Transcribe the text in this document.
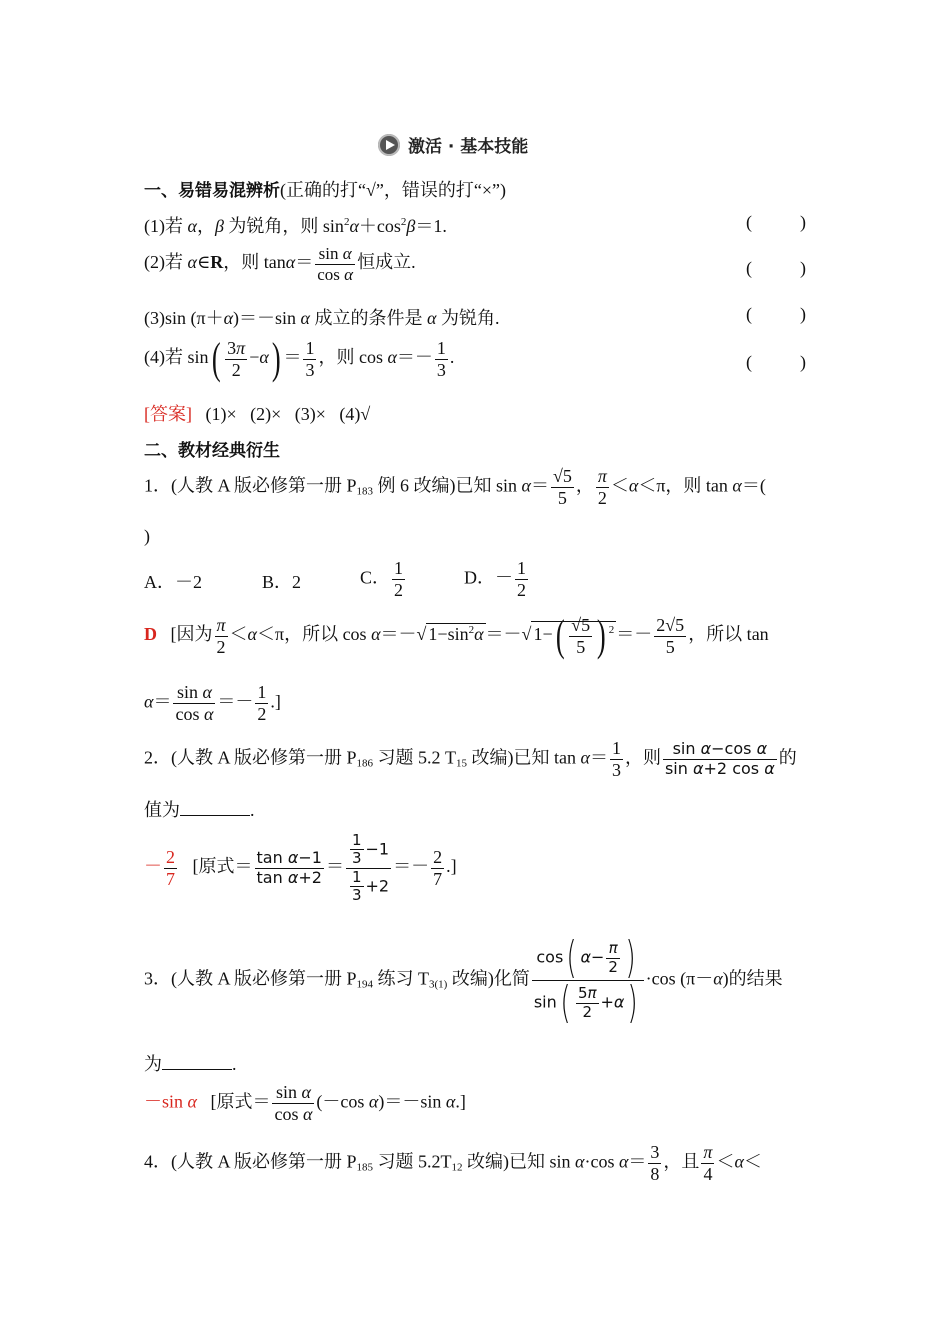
激活 · 基本技能
一、易错易混辨析(正确的打“√”，错误的打“×”)
(1)若 α，β 为锐角，则 $\sin^2\alpha+\cos^2\beta=1$.	(	)
(2)若 α∈R，则 $\tan\alpha= \frac{\text{sin α}}{\text{cos α}}$ 恒成立.	(	)
(3)sin (π＋α)＝－sin α 成立的条件是 α 为锐角.	(	)
(4)若 $\sin( \frac{3\pi}{2} -\alpha) = \frac{1}{3}$ ，则 $\cos \alpha=- \frac{1}{3}$ .	(	)
[答案] (1)×   (2)×   (3)×   (4)√
二、教材经典衍生
1．(人教 A 版必修第一册 $P_{183}$ 例 6 改编)已知 $\sin \alpha= \frac{√5}{5}$ ， $\frac{\pi}{2} <\alpha<\pi$，则 tan α＝(
)
A．－2	B．2	C． $\frac{1}{2}$	D．－ $\frac{1}{2}$
D   [因为 $\frac{\pi}{2} <\alpha<\pi$，所以 cos α＝－√ $1-\sin^2\alpha$ ＝－√ $1-( \frac{√5}{5}$ ) $^2 =- \frac{2√5}{5}$ ，所以 tan
$\alpha= \frac{\text{sin α}}{\text{cos α}} =- \frac{1}{2}$ .]
2．(人教 A 版必修第一册 $P_{186}$ 习题 5.2 $T_{15}$ 改编)已知 $\tan \alpha= \frac{1}{3}$ ，则 $\frac{\text{sin α−cos α}}{\text{sin α+2 cos α}}$ 的
值为	.
－ $\frac{2}{7}$ [原式＝ $\frac{\text{tan α−1}}{\text{tan α+2}} = \frac{\frac{1}{3} -1}{\frac{1}{3} +2} =- \frac{2}{7}$ .]
3．(人教 A 版必修第一册 $P_{194}$ 练习 $T_{3(1)}$ 改编)化简 $\frac{\cos( \alpha- \frac{\pi}{2} )}{\sin( \frac{5\pi}{2} +\alpha)} \cdot\cos$ (π－α)的结果
为	.
－sin α   [原式＝ $\frac{\text{sin α}}{\text{cos α}} (-\cos$ α)＝－sin α.]
4．(人教 A 版必修第一册 $P_{185}$ 习题 $5.2T_{12}$ 改编)已知 sin α·cos $\alpha= \frac{3}{8}$ ，且 $\frac{\pi}{4} <\alpha<$
